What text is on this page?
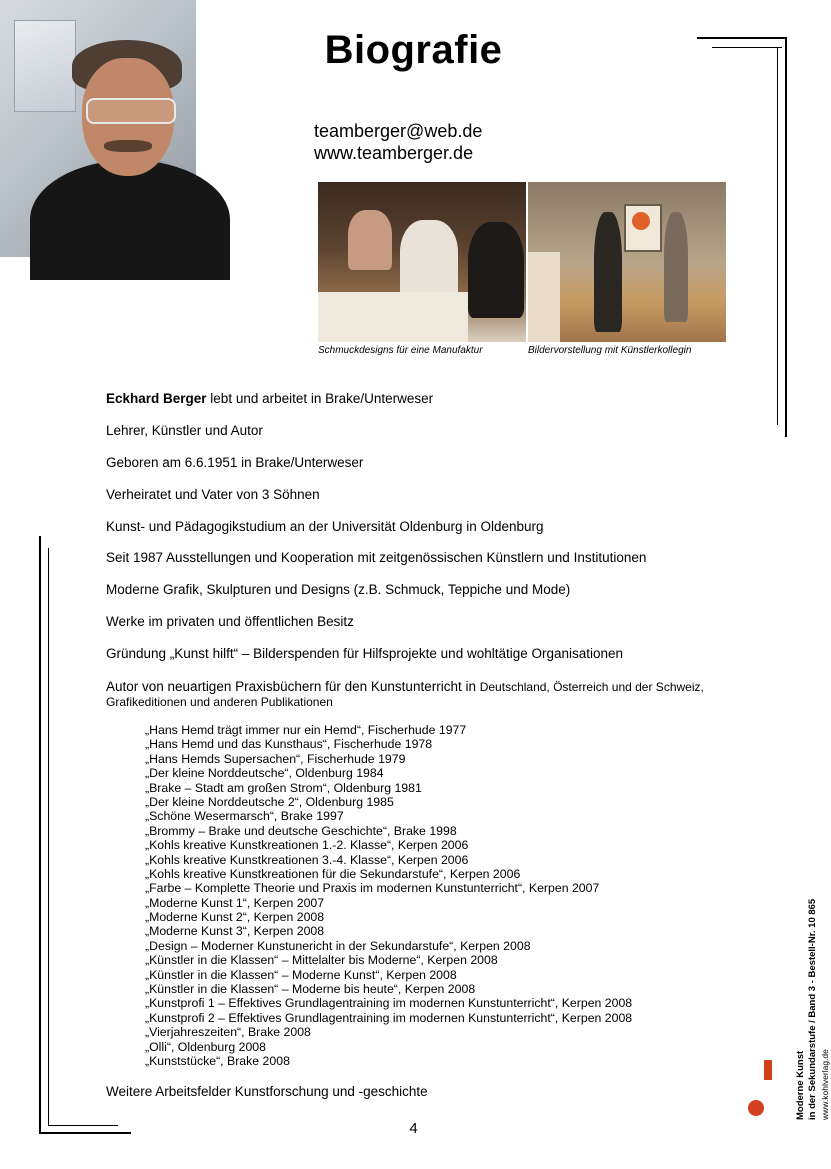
Biografie
teamberger@web.de
www.teamberger.de
Schmuckdesigns für eine Manufaktur	Bildervorstellung mit Künstlerkollegin
Eckhard Berger lebt und arbeitet in Brake/Unterweser
Lehrer, Künstler und Autor
Geboren am 6.6.1951 in Brake/Unterweser
Verheiratet und Vater von 3 Söhnen
Kunst- und Pädagogikstudium an der Universität Oldenburg in Oldenburg
Seit 1987 Ausstellungen und Kooperation mit zeitgenössischen Künstlern und Institutionen
Moderne Grafik, Skulpturen und Designs (z.B. Schmuck, Teppiche und Mode)
Werke im privaten und öffentlichen Besitz
Gründung „Kunst hilft“ – Bilderspenden für Hilfsprojekte und wohltätige Organisationen
Autor von neuartigen Praxisbüchern für den Kunstunterricht in Deutschland, Österreich und der Schweiz,
Grafikeditionen und anderen Publikationen
„Hans Hemd trägt immer nur ein Hemd“, Fischerhude 1977
„Hans Hemd und das Kunsthaus“, Fischerhude 1978
„Hans Hemds Supersachen“, Fischerhude 1979
„Der kleine Norddeutsche“, Oldenburg 1984
„Brake – Stadt am großen Strom“, Oldenburg 1981
„Der kleine Norddeutsche 2“, Oldenburg 1985
„Schöne Wesermarsch“, Brake 1997
„Brommy – Brake und deutsche Geschichte“, Brake 1998
„Kohls kreative Kunstkreationen 1.-2. Klasse“, Kerpen 2006
„Kohls kreative Kunstkreationen 3.-4. Klasse“, Kerpen 2006
„Kohls kreative Kunstkreationen für die Sekundarstufe“, Kerpen 2006
„Farbe – Komplette Theorie und Praxis im modernen Kunstunterricht“, Kerpen 2007
„Moderne Kunst 1“, Kerpen 2007
„Moderne Kunst 2“, Kerpen 2008
„Moderne Kunst 3“, Kerpen 2008
„Design – Moderner Kunstunericht in der Sekundarstufe“, Kerpen 2008
„Künstler in die Klassen“ – Mittelalter bis Moderne“, Kerpen 2008
„Künstler in die Klassen“ – Moderne Kunst“, Kerpen 2008
„Künstler in die Klassen“ – Moderne bis heute“, Kerpen 2008
„Kunstprofi 1 – Effektives Grundlagentraining im modernen Kunstunterricht“, Kerpen 2008
„Kunstprofi 2 – Effektives Grundlagentraining im modernen Kunstunterricht“, Kerpen 2008
„Vierjahreszeiten“, Brake 2008
„Olli“, Oldenburg 2008
„Kunststücke“, Brake 2008
Weitere Arbeitsfelder Kunstforschung und -geschichte
4
Moderne Kunst in der Sekundarstufe / Band 3 - Bestell-Nr. 10 865 www.kohlverlag.de
